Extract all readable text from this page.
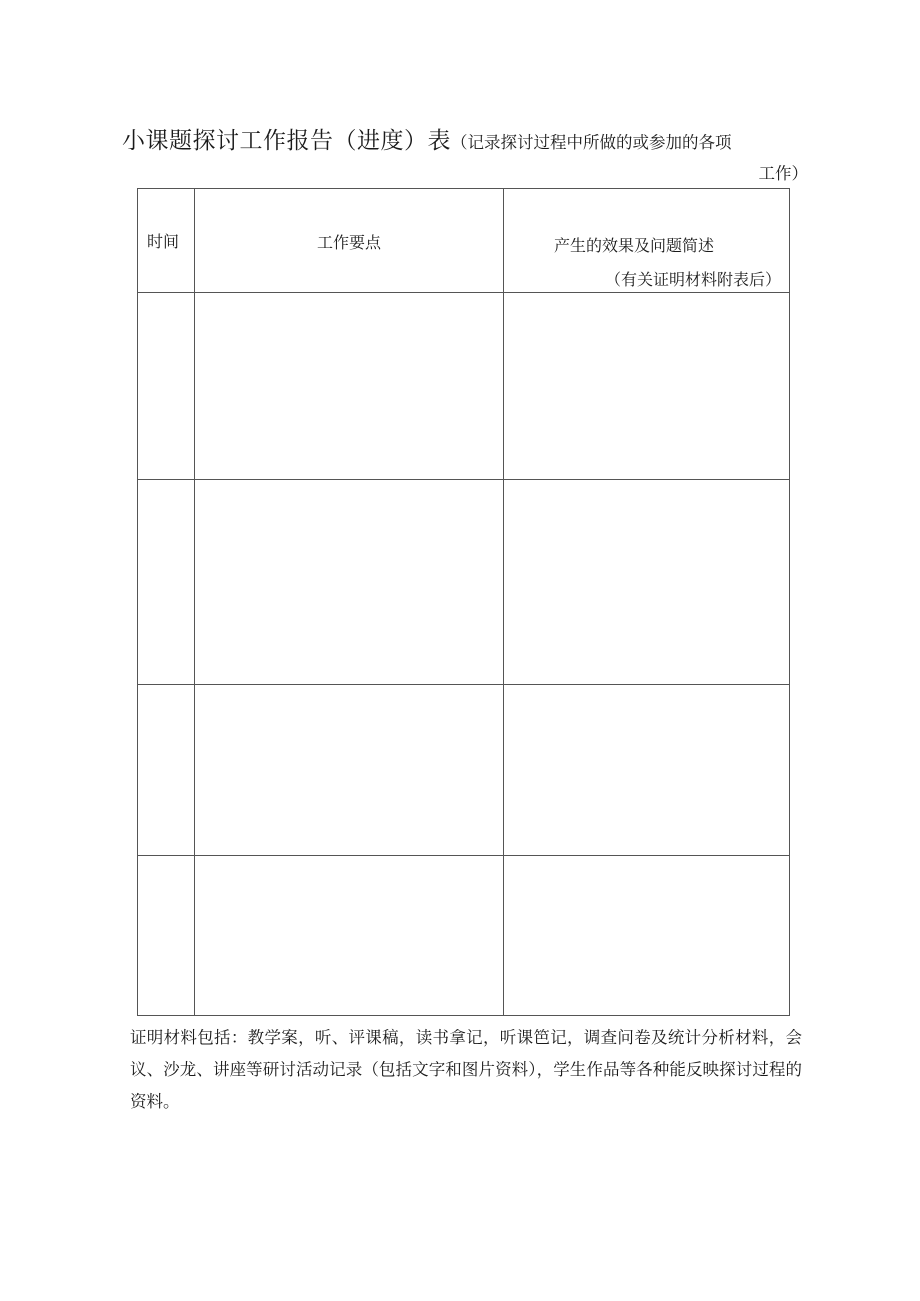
小课题探讨工作报告（进度）表（记录探讨过程中所做的或参加的各项
工作）
时间	工作要点	产生的效果及问题简述
（有关证明材料附表后）

证明材料包括：教学案，听、评课稿，读书拿记，听课笆记，调查问卷及统计分析材料，会议、沙龙、讲座等研讨活动记录（包括文字和图片资料），学生作品等各种能反映探讨过程的资料。
